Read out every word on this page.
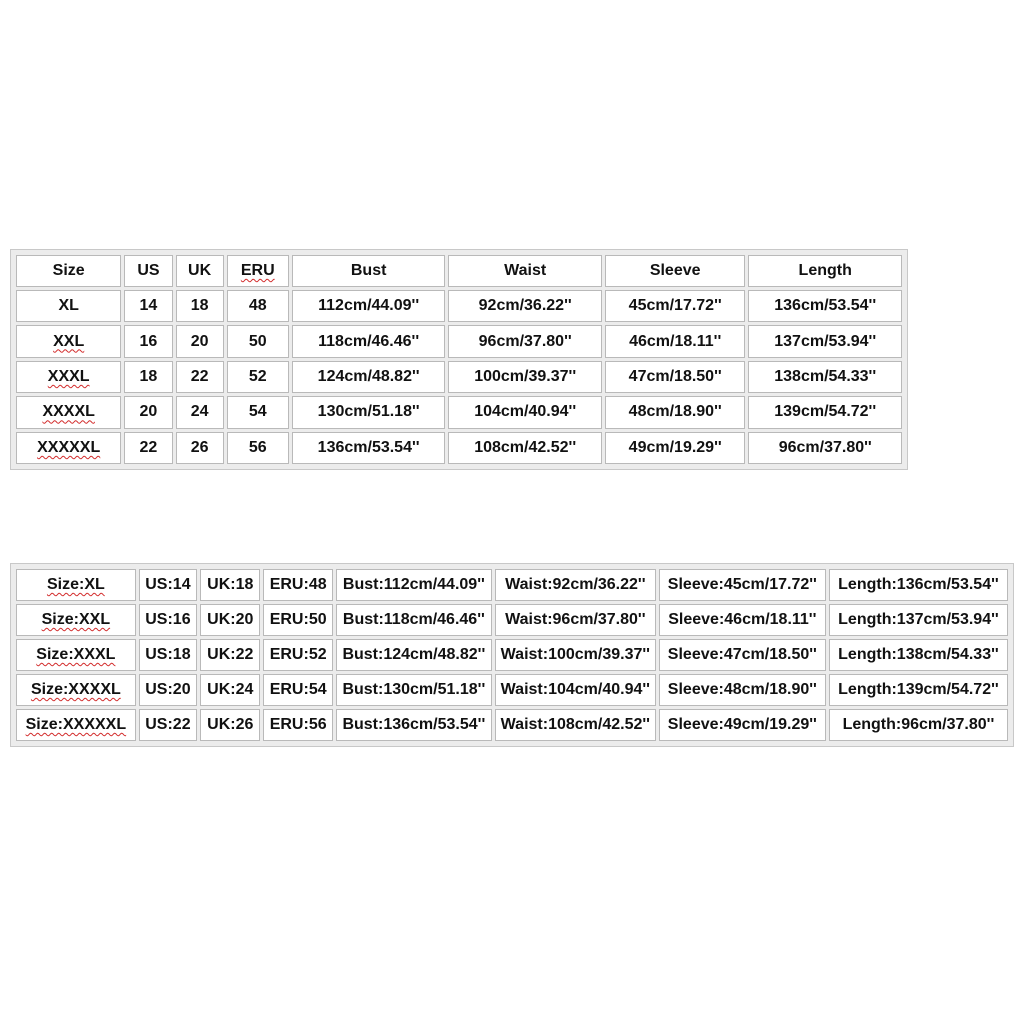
Size	US	UK	ERU	Bust	Waist	Sleeve	Length
XL	14	18	48	112cm/44.09''	92cm/36.22''	45cm/17.72''	136cm/53.54''
XXL	16	20	50	118cm/46.46''	96cm/37.80''	46cm/18.11''	137cm/53.94''
XXXL	18	22	52	124cm/48.82''	100cm/39.37''	47cm/18.50''	138cm/54.33''
XXXXL	20	24	54	130cm/51.18''	104cm/40.94''	48cm/18.90''	139cm/54.72''
XXXXXL	22	26	56	136cm/53.54''	108cm/42.52''	49cm/19.29''	96cm/37.80''
Size:XL	US:14	UK:18	ERU:48	Bust:112cm/44.09''	Waist:92cm/36.22''	Sleeve:45cm/17.72''	Length:136cm/53.54''
Size:XXL	US:16	UK:20	ERU:50	Bust:118cm/46.46''	Waist:96cm/37.80''	Sleeve:46cm/18.11''	Length:137cm/53.94''
Size:XXXL	US:18	UK:22	ERU:52	Bust:124cm/48.82''	Waist:100cm/39.37''	Sleeve:47cm/18.50''	Length:138cm/54.33''
Size:XXXXL	US:20	UK:24	ERU:54	Bust:130cm/51.18''	Waist:104cm/40.94''	Sleeve:48cm/18.90''	Length:139cm/54.72''
Size:XXXXXL	US:22	UK:26	ERU:56	Bust:136cm/53.54''	Waist:108cm/42.52''	Sleeve:49cm/19.29''	Length:96cm/37.80''
